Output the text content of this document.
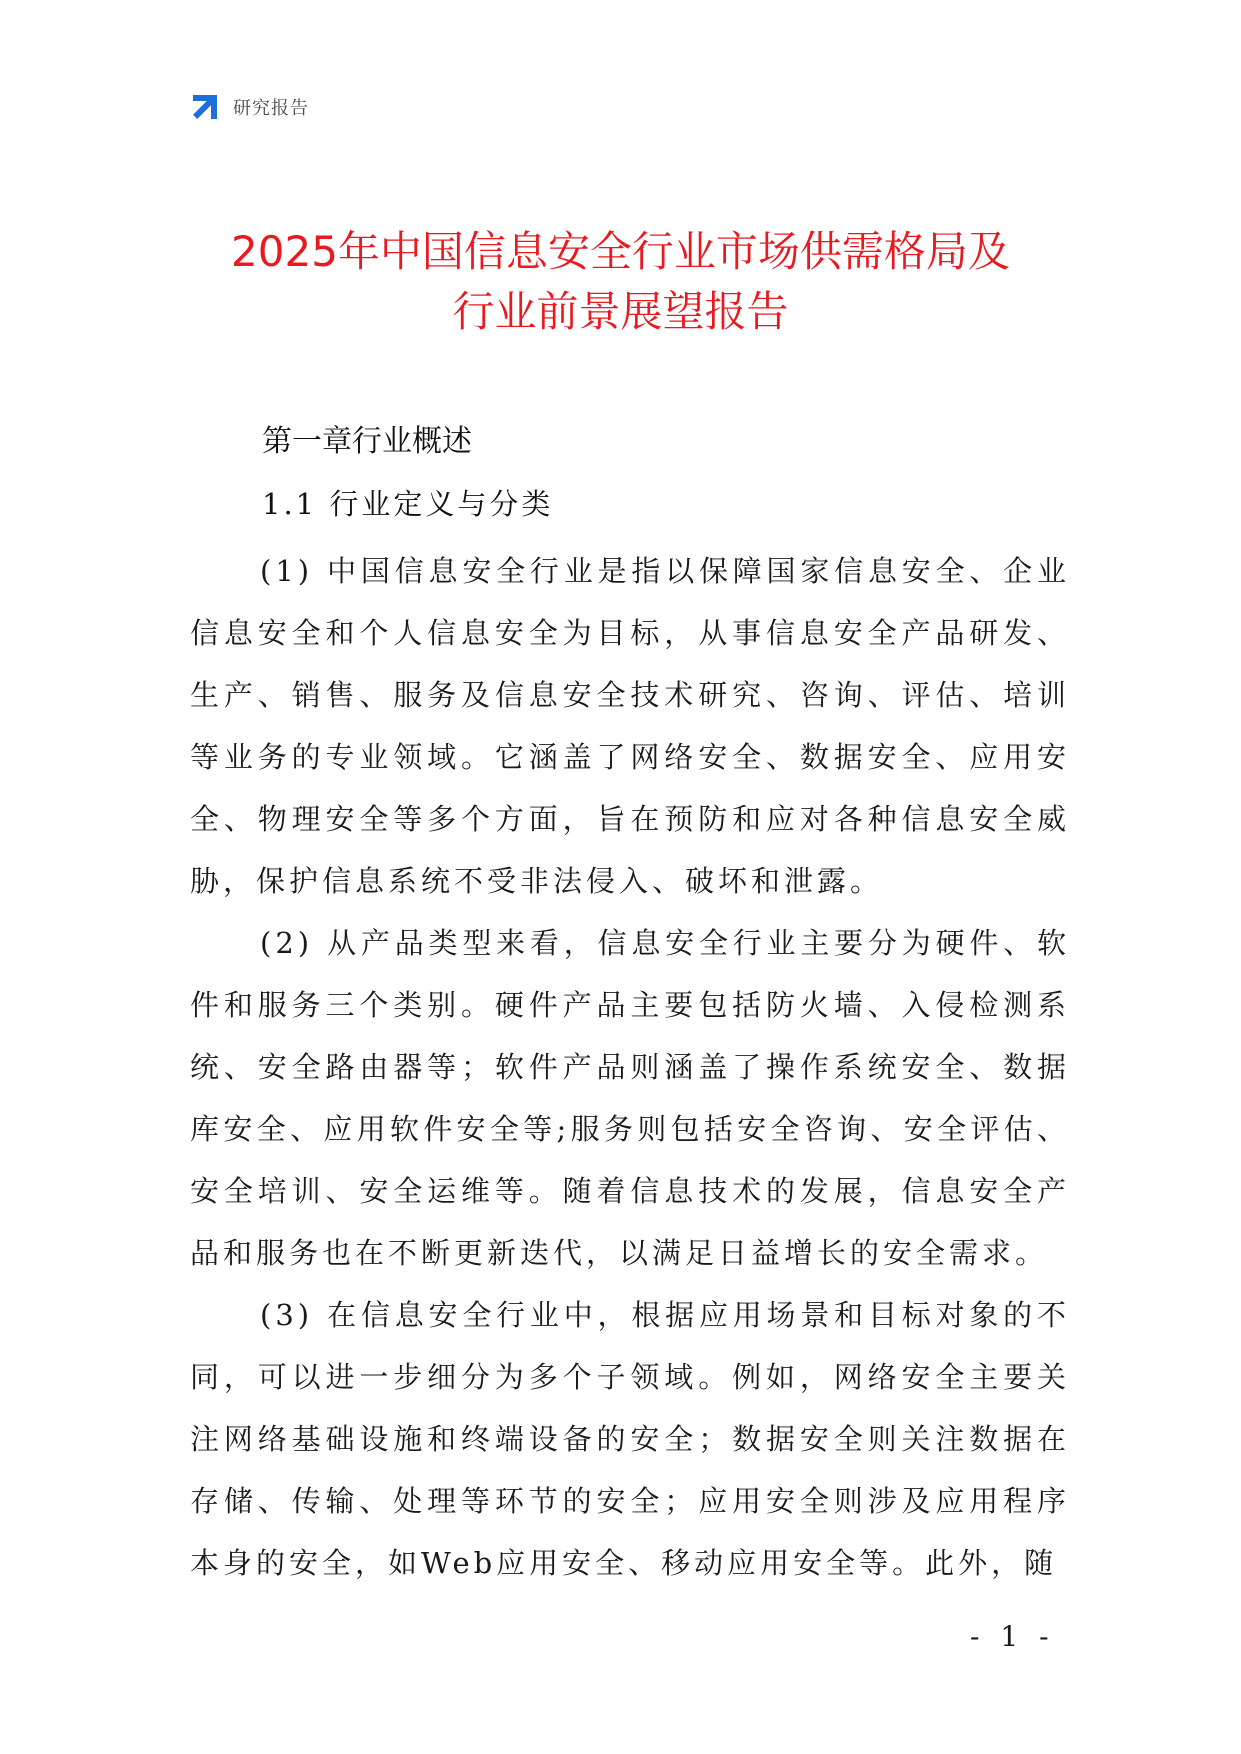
研究报告
2025年中国信息安全行业市场供需格局及
行业前景展望报告
第一章行业概述
1.1 行业定义与分类

(1) 中国信息安全行业是指以保障国家信息安全、企业信息安全和个人信息安全为目标，从事信息安全产品研发、生产、销售、服务及信息安全技术研究、咨询、评估、培训等业务的专业领域。它涵盖了网络安全、数据安全、应用安全、物理安全等多个方面，旨在预防和应对各种信息安全威胁，保护信息系统不受非法侵入、破坏和泄露。

(2) 从产品类型来看，信息安全行业主要分为硬件、软件和服务三个类别。硬件产品主要包括防火墙、入侵检测系统、安全路由器等；软件产品则涵盖了操作系统安全、数据库安全、应用软件安全等;服务则包括安全咨询、安全评估、安全培训、安全运维等。随着信息技术的发展，信息安全产品和服务也在不断更新迭代，以满足日益增长的安全需求。

(3) 在信息安全行业中，根据应用场景和目标对象的不同，可以进一步细分为多个子领域。例如，网络安全主要关注网络基础设施和终端设备的安全；数据安全则关注数据在存储、传输、处理等环节的安全；应用安全则涉及应用程序本身的安全，如Web应用安全、移动应用安全等。此外，随

- 1 -
